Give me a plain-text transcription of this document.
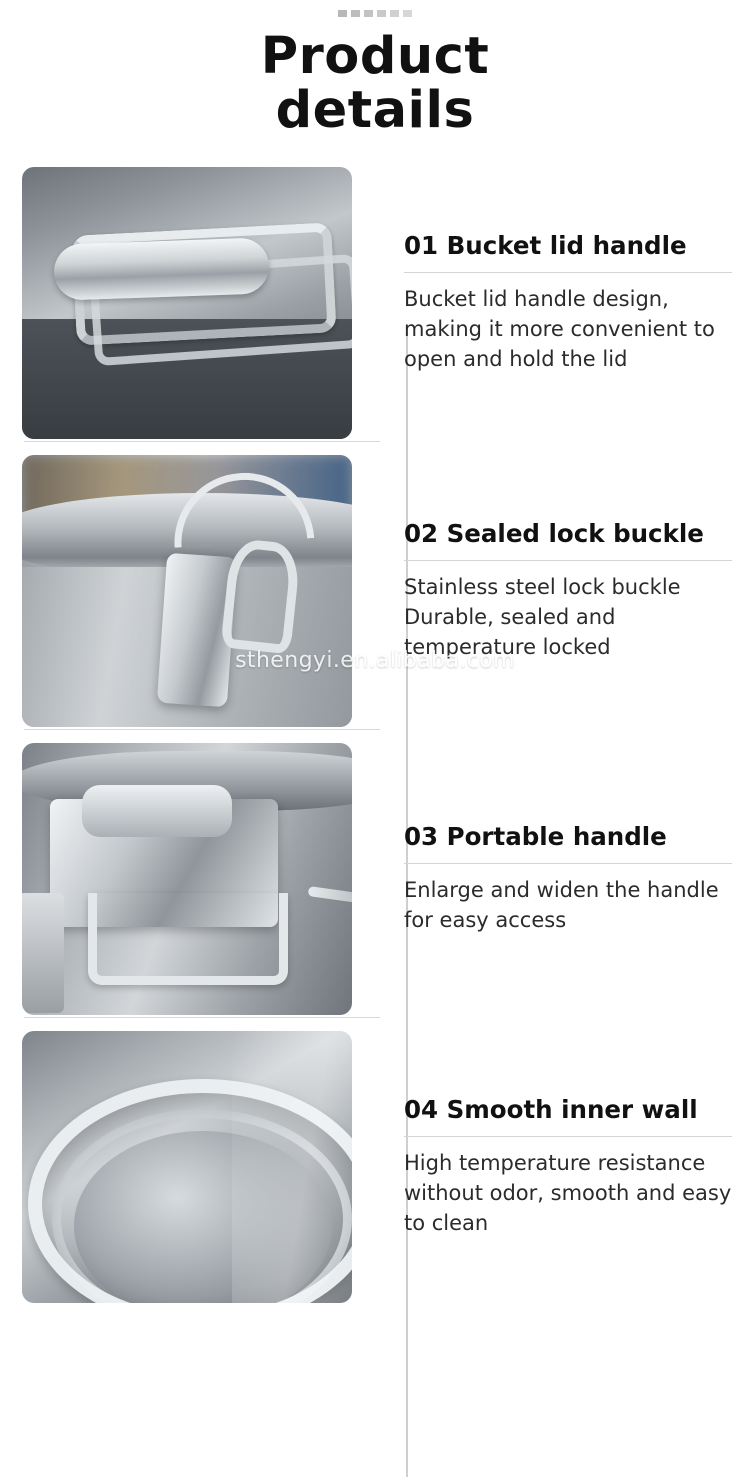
Product
details
01 Bucket lid handle
Bucket lid handle design, making it more convenient to open and hold the lid
02 Sealed lock buckle
Stainless steel lock buckle Durable, sealed and temperature locked
03 Portable handle
Enlarge and widen the handle for easy access
04 Smooth inner wall
High temperature resistance without odor, smooth and easy to clean
sthengyi.en.alibaba.com
